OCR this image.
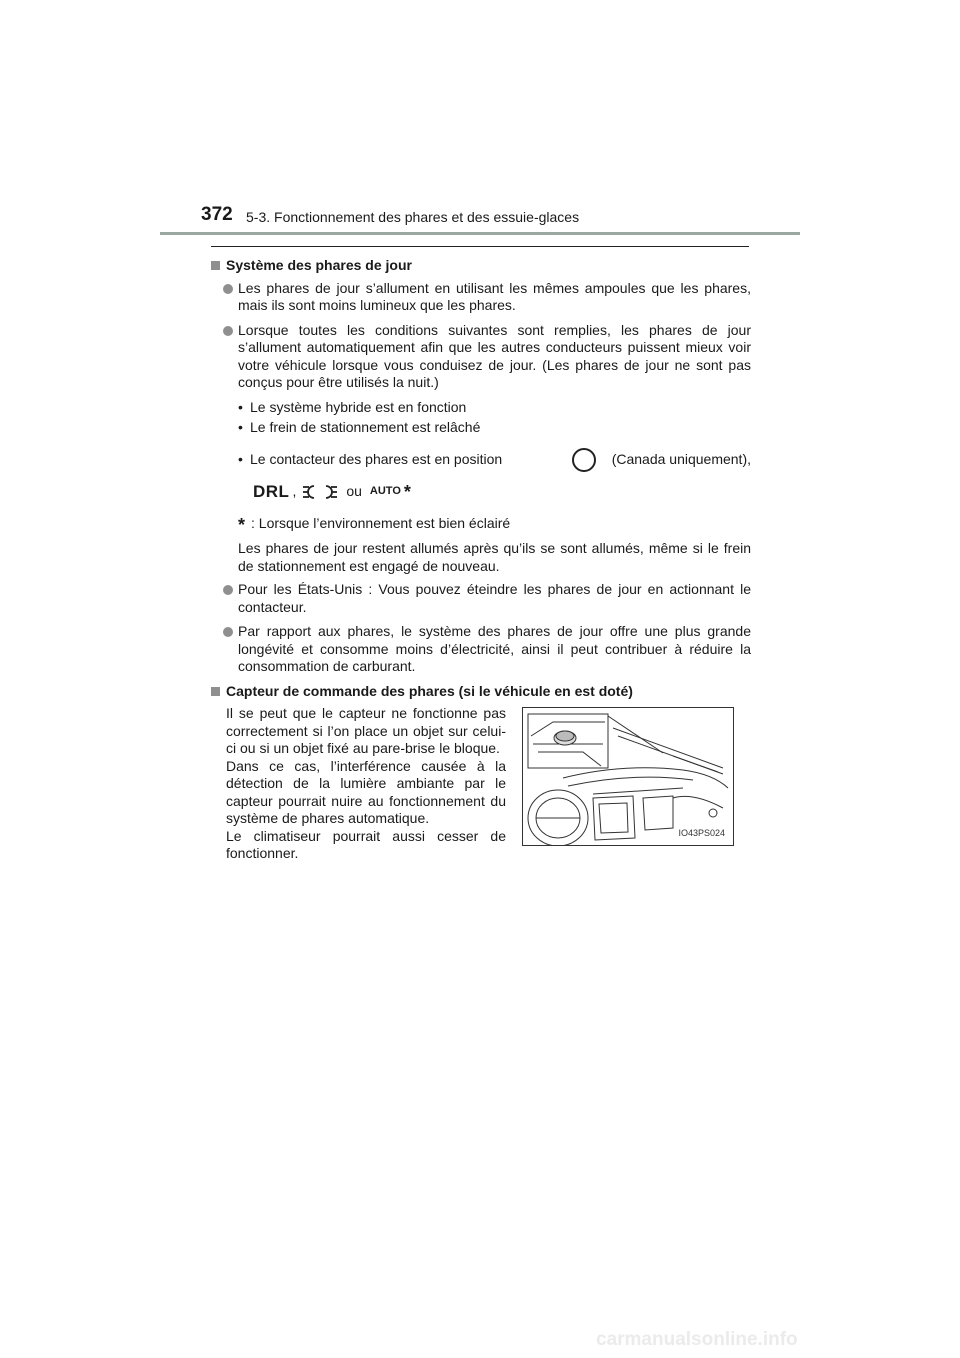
372 5-3. Fonctionnement des phares et des essuie-glaces
Système des phares de jour
Les phares de jour s’allument en utilisant les mêmes ampoules que les phares, mais ils sont moins lumineux que les phares.
Lorsque toutes les conditions suivantes sont remplies, les phares de jour s’allument automatiquement afin que les autres conducteurs puissent mieux voir votre véhicule lorsque vous conduisez de jour. (Les phares de jour ne sont pas conçus pour être utilisés la nuit.)
• Le système hybride est en fonction
• Le frein de stationnement est relâché
• Le contacteur des phares est en position	(Canada uniquement),
DRL ,	ou AUTO *
* : Lorsque l’environnement est bien éclairé
Les phares de jour restent allumés après qu’ils se sont allumés, même si le frein de stationnement est engagé de nouveau.
Pour les États-Unis : Vous pouvez éteindre les phares de jour en actionnant le contacteur.
Par rapport aux phares, le système des phares de jour offre une plus grande longévité et consomme moins d’électricité, ainsi il peut contribuer à réduire la consommation de carburant.
Capteur de commande des phares (si le véhicule en est doté)
Il se peut que le capteur ne fonctionne pas correctement si l’on place un objet sur celui-ci ou si un objet fixé au pare-brise le bloque.
Dans ce cas, l’interférence causée à la détection de la lumière ambiante par le capteur pourrait nuire au fonctionnement du système de phares automatique.
Le climatiseur pourrait aussi cesser de fonctionner.
IO43PS024
carmanualsonline.info
